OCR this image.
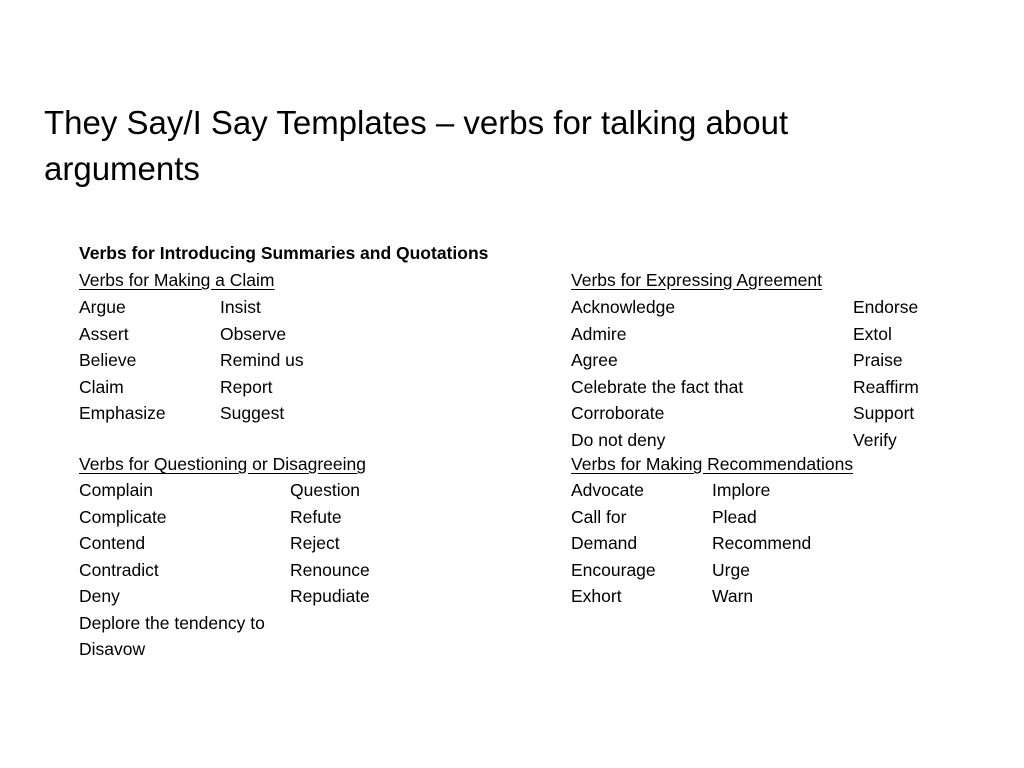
They Say/I Say Templates – verbs for talking about arguments
Verbs for Introducing Summaries and Quotations
Verbs for Making a Claim
Argue
Assert
Believe
Claim
Emphasize
Insist
Observe
Remind us
Report
Suggest
Verbs for Expressing Agreement
Acknowledge
Admire
Agree
Celebrate the fact that
Corroborate
Do not deny
Endorse
Extol
Praise
Reaffirm
Support
Verify
Verbs for Questioning or Disagreeing
Complain
Complicate
Contend
Contradict
Deny
Deplore the tendency to
Disavow
Question
Refute
Reject
Renounce
Repudiate
Verbs for Making Recommendations
Advocate
Call for
Demand
Encourage
Exhort
Implore
Plead
Recommend
Urge
Warn
